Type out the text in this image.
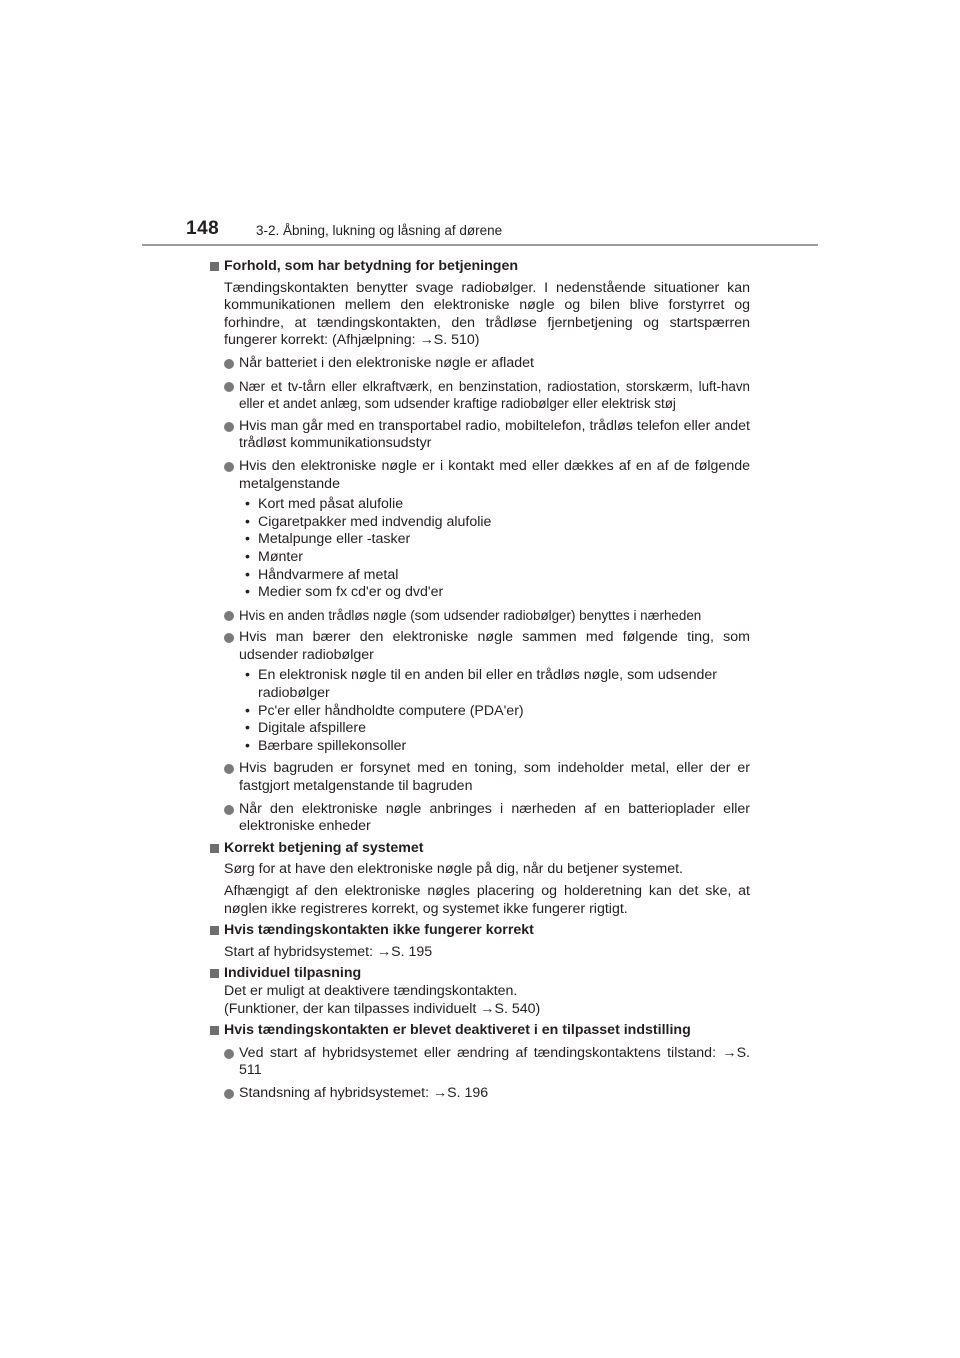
148	3-2. Åbning, lukning og låsning af dørene
Forhold, som har betydning for betjeningen
Tændingskontakten benytter svage radiobølger. I nedenstående situationer kan kommunikationen mellem den elektroniske nøgle og bilen blive forstyrret og forhindre, at tændingskontakten, den trådløse fjernbetjening og startspærren fungerer korrekt: (Afhjælpning: →S. 510)
Når batteriet i den elektroniske nøgle er afladet
Nær et tv-tårn eller elkraftværk, en benzinstation, radiostation, storskærm, luft-havn eller et andet anlæg, som udsender kraftige radiobølger eller elektrisk støj
Hvis man går med en transportabel radio, mobiltelefon, trådløs telefon eller andet trådløst kommunikationsudstyr
Hvis den elektroniske nøgle er i kontakt med eller dækkes af en af de følgende metalgenstande
• Kort med påsat alufolie
• Cigaretpakker med indvendig alufolie
• Metalpunge eller -tasker
• Mønter
• Håndvarmere af metal
• Medier som fx cd'er og dvd'er
Hvis en anden trådløs nøgle (som udsender radiobølger) benyttes i nærheden
Hvis man bærer den elektroniske nøgle sammen med følgende ting, som udsender radiobølger
• En elektronisk nøgle til en anden bil eller en trådløs nøgle, som udsender radiobølger
• Pc'er eller håndholdte computere (PDA'er)
• Digitale afspillere
• Bærbare spillekonsoller
Hvis bagruden er forsynet med en toning, som indeholder metal, eller der er fastgjort metalgenstande til bagruden
Når den elektroniske nøgle anbringes i nærheden af en batterioplader eller elektroniske enheder
Korrekt betjening af systemet
Sørg for at have den elektroniske nøgle på dig, når du betjener systemet.
Afhængigt af den elektroniske nøgles placering og holderetning kan det ske, at nøglen ikke registreres korrekt, og systemet ikke fungerer rigtigt.
Hvis tændingskontakten ikke fungerer korrekt
Start af hybridsystemet: →S. 195
Individuel tilpasning
Det er muligt at deaktivere tændingskontakten.
(Funktioner, der kan tilpasses individuelt →S. 540)
Hvis tændingskontakten er blevet deaktiveret i en tilpasset indstilling
Ved start af hybridsystemet eller ændring af tændingskontaktens tilstand: →S. 511
Standsning af hybridsystemet: →S. 196
